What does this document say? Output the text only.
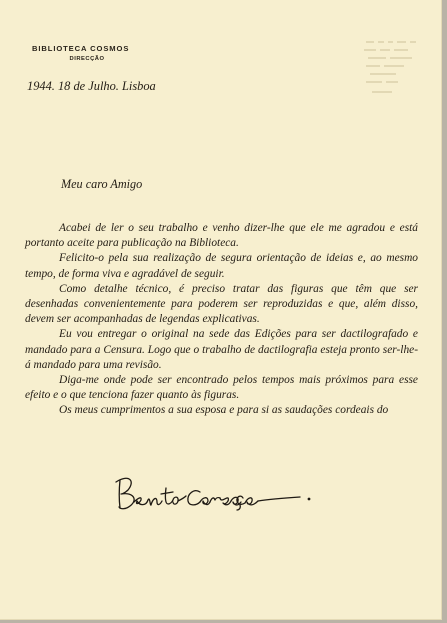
BIBLIOTECA COSMOS
DIRECÇÃO
1944. 18 de Julho. Lisboa
Meu caro Amigo

Acabei de ler o seu trabalho e venho dizer-lhe que ele me agradou e está portanto aceite para publicação na Biblioteca.

Felicito-o pela sua realização de segura orientação de ideias e, ao mesmo tempo, de forma viva e agradável de seguir.

Como detalhe técnico, é preciso tratar das figuras que têm que ser desenhadas convenientemente para poderem ser reproduzidas e que, além disso, devem ser acompanhadas de legendas explicativas.

Eu vou entregar o original na sede das Edições para ser dactilografado e mandado para a Censura. Logo que o trabalho de dactilografia esteja pronto ser-lhe-á mandado para uma revisão.

Diga-me onde pode ser encontrado pelos tempos mais próximos para esse efeito e o que tenciona fazer quanto às figuras.

Os meus cumprimentos a sua esposa e para si as saudações cordeais do
